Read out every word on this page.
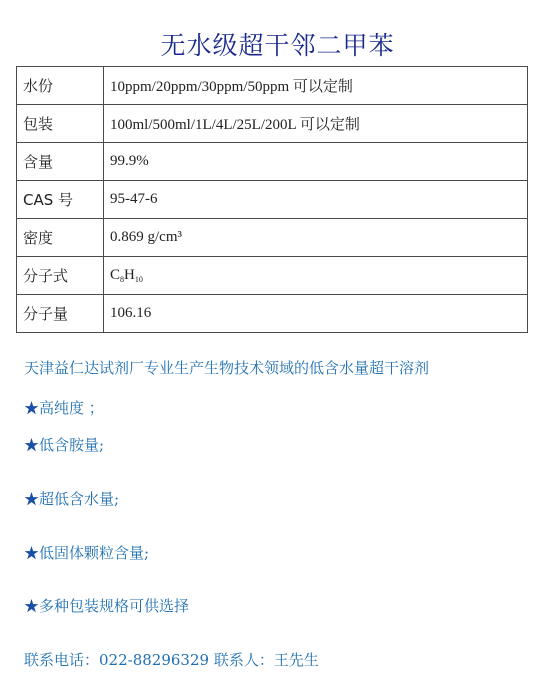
无水级超干邻二甲苯
水份	10ppm/20ppm/30ppm/50ppm 可以定制
包装	100ml/500ml/1L/4L/25L/200L 可以定制
含量	99.9%
CAS 号	95-47-6
密度	0.869 g/cm³
分子式	$C_8H_{10}$
分子量	106.16
天津益仁达试剂厂专业生产生物技术领域的低含水量超干溶剂
★高纯度 ；
★低含胺量;
★超低含水量;
★低固体颗粒含量;
★多种包装规格可供选择
联系电话：022-88296329 联系人：王先生
